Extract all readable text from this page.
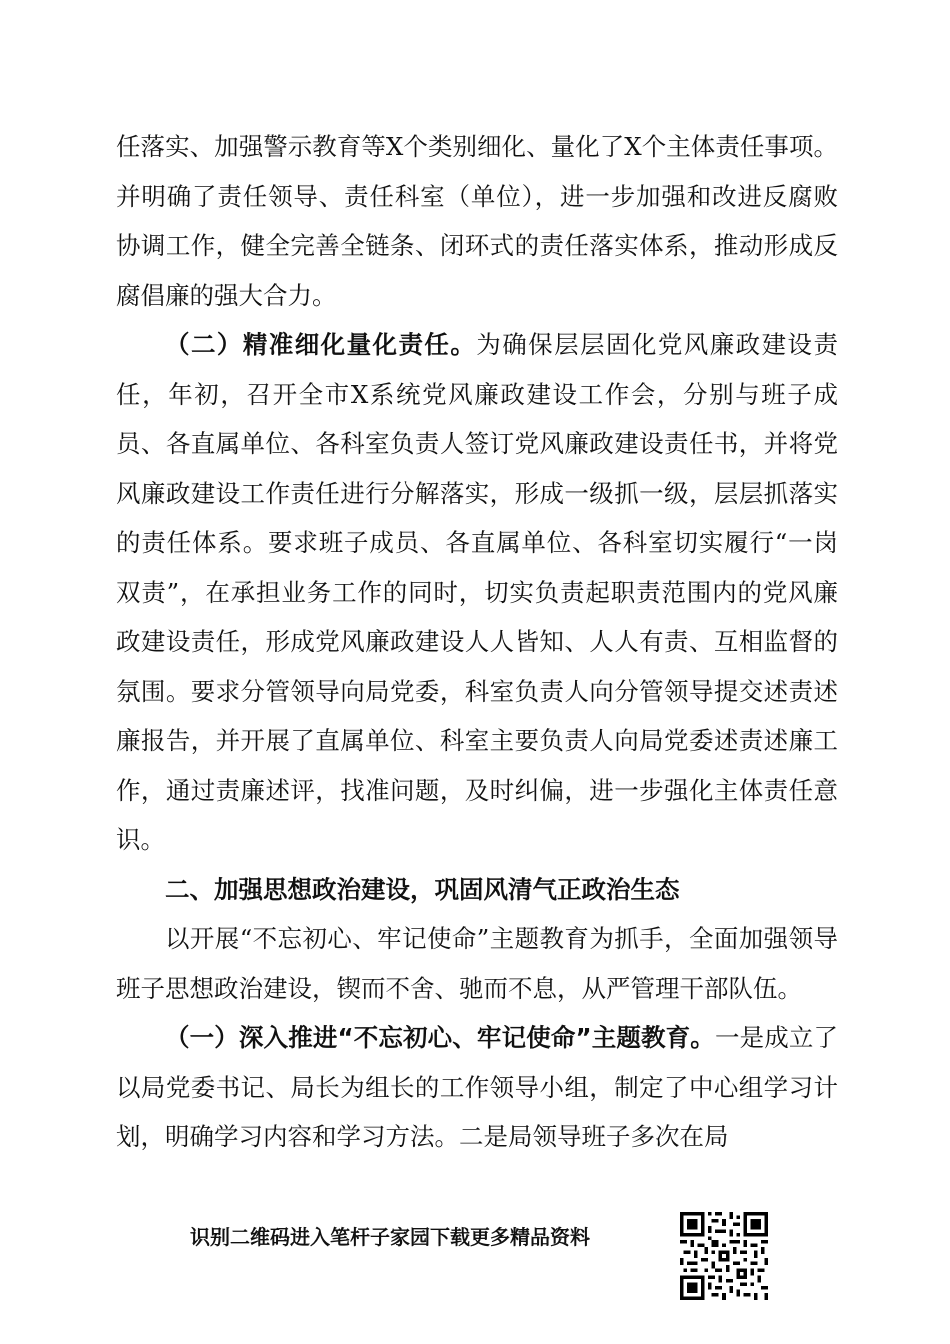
任落实、加强警示教育等X个类别细化、量化了X个主体责任事项。并明确了责任领导、责任科室（单位），进一步加强和改进反腐败协调工作，健全完善全链条、闭环式的责任落实体系，推动形成反腐倡廉的强大合力。

（二）精准细化量化责任。为确保层层固化党风廉政建设责任，年初，召开全市X系统党风廉政建设工作会，分别与班子成员、各直属单位、各科室负责人签订党风廉政建设责任书，并将党风廉政建设工作责任进行分解落实，形成一级抓一级，层层抓落实的责任体系。要求班子成员、各直属单位、各科室切实履行“一岗双责”，在承担业务工作的同时，切实负责起职责范围内的党风廉政建设责任，形成党风廉政建设人人皆知、人人有责、互相监督的氛围。要求分管领导向局党委，科室负责人向分管领导提交述责述廉报告，并开展了直属单位、科室主要负责人向局党委述责述廉工作，通过责廉述评，找准问题，及时纠偏，进一步强化主体责任意识。

二、加强思想政治建设，巩固风清气正政治生态

以开展“不忘初心、牢记使命”主题教育为抓手，全面加强领导班子思想政治建设，锲而不舍、驰而不息，从严管理干部队伍。

（一）深入推进“不忘初心、牢记使命”主题教育。一是成立了以局党委书记、局长为组长的工作领导小组，制定了中心组学习计划，明确学习内容和学习方法。二是局领导班子多次在局

识别二维码进入笔杆子家园下载更多精品资料
